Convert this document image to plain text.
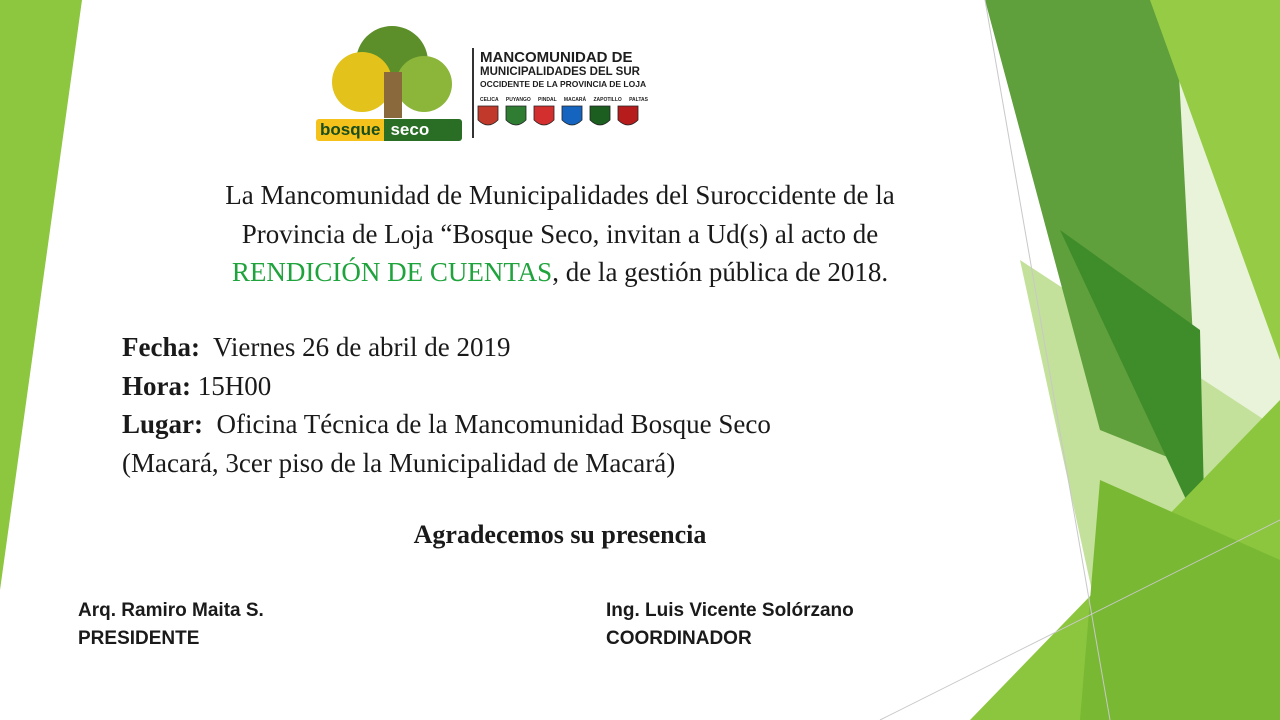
MANCOMUNIDAD DE
MUNICIPALIDADES DEL SUR
OCCIDENTE DE LA PROVINCIA DE LOJA
CELICA PUYANGO PINDAL MACARÁ ZAPOTILLO PALTAS
bosque seco
La Mancomunidad de Municipalidades del Suroccidente de la
Provincia de Loja “Bosque Seco, invitan a Ud(s) al acto de
RENDICIÓN DE CUENTAS, de la gestión pública de 2018.
Fecha: Viernes 26 de abril de 2019
Hora: 15H00
Lugar: Oficina Técnica de la Mancomunidad Bosque Seco
(Macará, 3cer piso de la Municipalidad de Macará)
Agradecemos su presencia
Arq. Ramiro Maita S.
PRESIDENTE
Ing. Luis Vicente Solórzano
COORDINADOR
